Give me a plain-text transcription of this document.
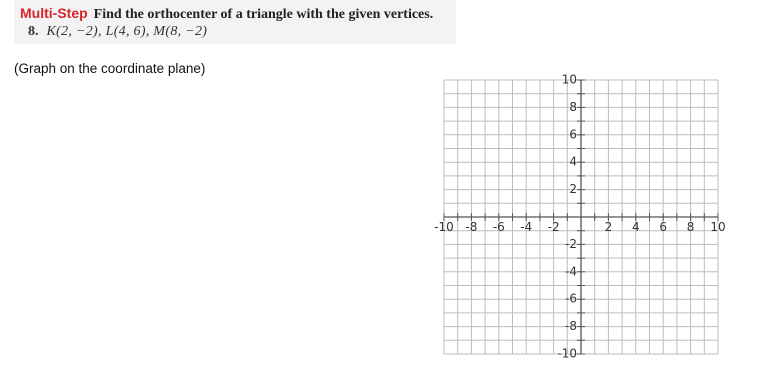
Multi-Step Find the orthocenter of a triangle with the given vertices.
8. K(2, −2), L(4, 6), M(8, −2)
(Graph on the coordinate plane)
-10 -8 -6 -4 -2	2 4 6 8 10
10
8
6
4
2
-2
-4
-6
-8
-10
